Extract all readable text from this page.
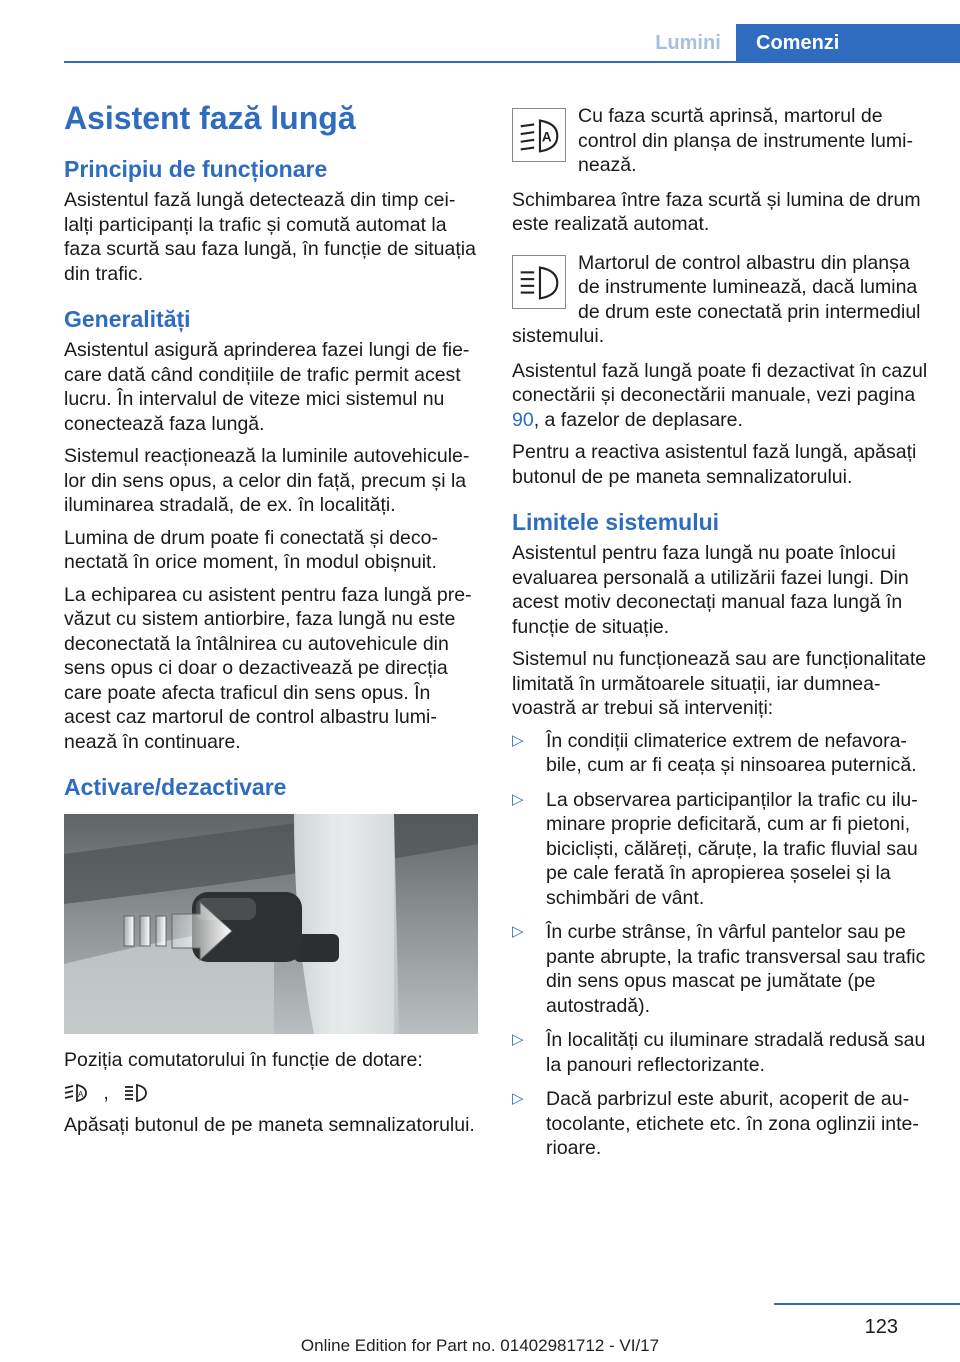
Lumini	Comenzi
Asistent fază lungă
Principiu de funcționare

Asistentul fază lungă detectează din timp ceilalți participanți la trafic și comută automat la faza scurtă sau faza lungă, în funcție de situația din trafic.

Generalități

Asistentul asigură aprinderea fazei lungi de fiecare dată când condițiile de trafic permit acest lucru. În intervalul de viteze mici sistemul nu conectează faza lungă.

Sistemul reacționează la luminile autovehiculelor din sens opus, a celor din față, precum și la iluminarea stradală, de ex. în localități.

Lumina de drum poate fi conectată și deconectată în orice moment, în modul obișnuit.

La echiparea cu asistent pentru faza lungă prevăzut cu sistem antiorbire, faza lungă nu este deconectată la întâlnirea cu autovehicule din sens opus ci doar o dezactivează pe direcția care poate afecta traficul din sens opus. În acest caz martorul de control albastru luminează în continuare.

Activare/dezactivare

Poziția comutatorului în funcție de dotare:

A ,

Apăsați butonul de pe maneta semnalizatorului.

A
Cu faza scurtă aprinsă, martorul de control din planșa de instrumente luminează.

Schimbarea între faza scurtă și lumina de drum este realizată automat.

Martorul de control albastru din planșa de instrumente luminează, dacă lumina de drum este conectată prin intermediul sistemului.

Asistentul fază lungă poate fi dezactivat în cazul conectării și deconectării manuale, vezi pagina 90, a fazelor de deplasare.

Pentru a reactiva asistentul fază lungă, apăsați butonul de pe maneta semnalizatorului.

Limitele sistemului

Asistentul pentru faza lungă nu poate înlocui evaluarea personală a utilizării fazei lungi. Din acest motiv deconectați manual faza lungă în funcție de situație.

Sistemul nu funcționează sau are funcționalitate limitată în următoarele situații, iar dumneavoastră ar trebui să interveniți:

▷ În condiții climaterice extrem de nefavorabile, cum ar fi ceața și ninsoarea puternică.
▷ La observarea participanților la trafic cu iluminare proprie deficitară, cum ar fi pietoni, bicicliști, călăreți, căruțe, la trafic fluvial sau pe cale ferată în apropierea șoselei și la schimbări de vânt.
▷ În curbe strânse, în vârful pantelor sau pe pante abrupte, la trafic transversal sau trafic din sens opus mascat pe jumătate (pe autostradă).
▷ În localități cu iluminare stradală redusă sau la panouri reflectorizante.
▷ Dacă parbrizul este aburit, acoperit de autocolante, etichete etc. în zona oglinzii interioare.
123
Online Edition for Part no. 01402981712 - VI/17
